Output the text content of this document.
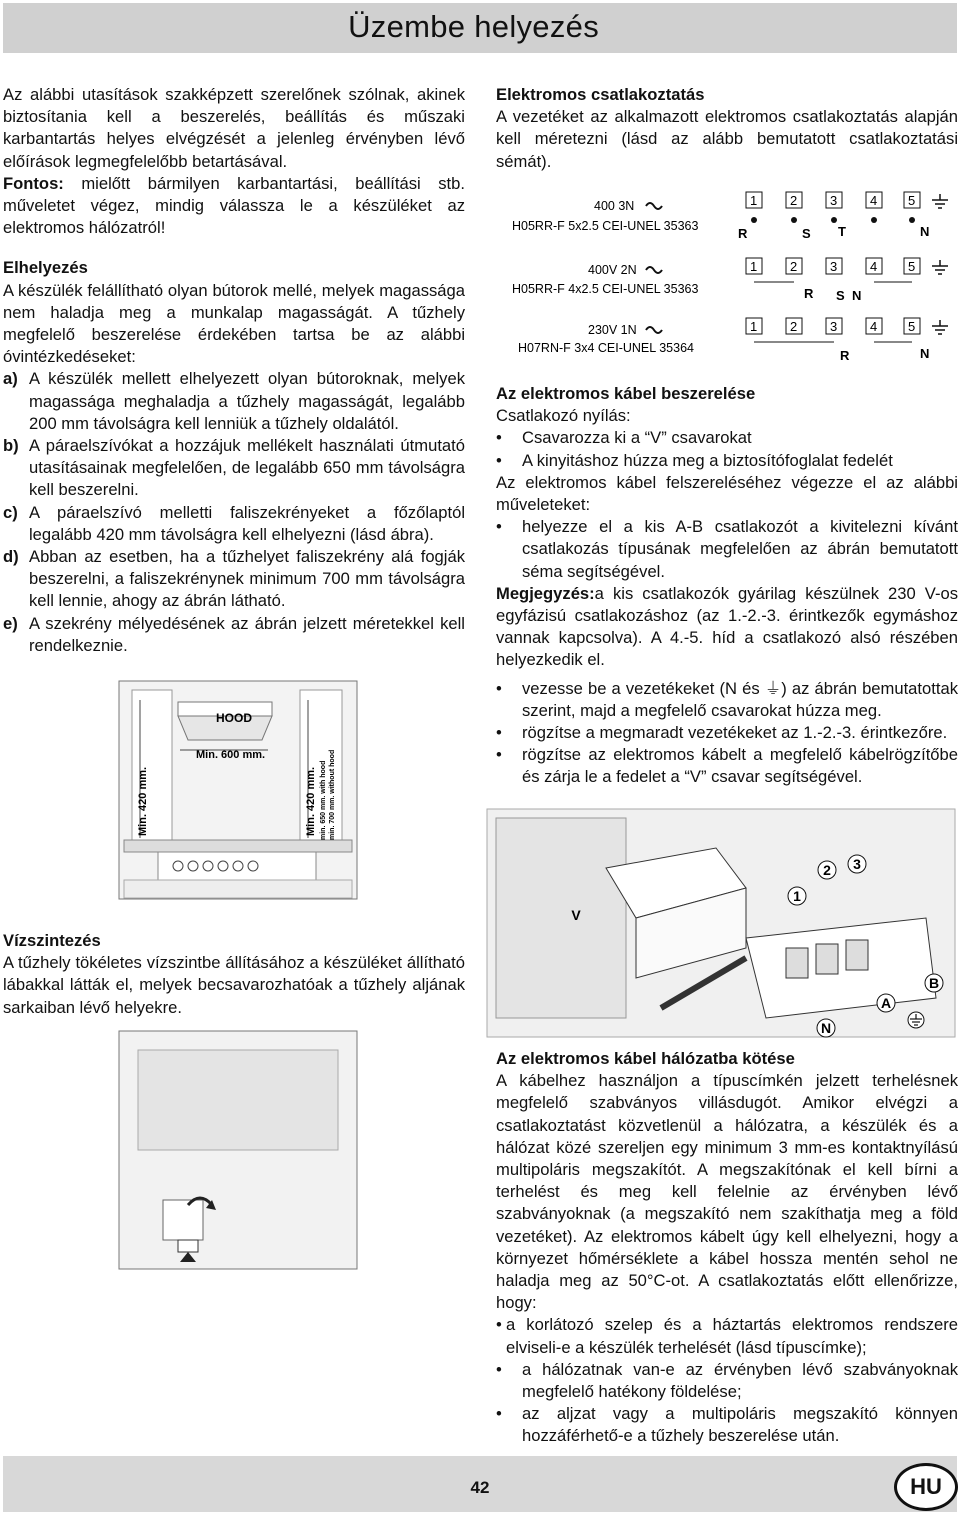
Üzembe helyezés

Az alábbi utasítások szakképzett szerelőnek szólnak, akinek biztosítania kell a beszerelés, beállítás és műszaki karbantartás helyes elvégzését a jelenleg érvényben lévő előírások legmegfelelőbb betartásával.

Fontos: mielőtt bármilyen karbantartási, beállítási stb. műveletet végez, mindig válassza le a készüléket az elektromos hálózatról!

Elhelyezés

A készülék felállítható olyan bútorok mellé, melyek magassága nem haladja meg a munkalap magasságát. A tűzhely megfelelő beszerelése érdekében tartsa be az alábbi óvintézkedéseket:

a) A készülék mellett elhelyezett olyan bútoroknak, melyek magassága meghaladja a tűzhely magasságát, legalább 200 mm távolságra kell lenniük a tűzhely oldalától.
b) A páraelszívókat a hozzájuk mellékelt használati útmutató utasításainak megfelelően, de legalább 650 mm távolságra kell beszerelni.
c) A páraelszívó melletti faliszekrényeket a főzőlaptól legalább 420 mm távolságra kell elhelyezni (lásd ábra).
d) Abban az esetben, ha a tűzhelyet faliszekrény alá fogják beszerelni, a faliszekrénynek minimum 700 mm távolságra kell lennie, ahogy az ábrán látható.
e) A szekrény mélyedésének az ábrán jelzett méretekkel kell rendelkeznie.
HOOD
Min. 600 mm.
Min. 420 mm.	Min. 420 mm. min. 650 mm. with hood min. 700 mm. without hood

Vízszintezés

A tűzhely tökéletes vízszintbe állításához a készüléket állítható lábakkal látták el, melyek becsavarozhatóak a tűzhely aljának sarkaiban lévő helyekre.

Elektromos csatlakoztatás

A vezetéket az alkalmazott elektromos csatlakoztatás alapján kell méretezni (lásd az alább bemutatott csatlakoztatási sémát).

400 3N
H05RR-F 5x2.5 CEI-UNEL 35363
400V 2N
H05RR-F 4x2.5 CEI-UNEL 35363
230V 1N
H07RN-F 3x4 CEI-UNEL 35364
1	2	3	4 5
R	S T	N
1	2	3	4 5
R S N
1	2	3	4 5
R	N

Az elektromos kábel beszerelése

Csatlakozó nyílás:

•	Csavarozza ki a “V” csavarokat
•	A kinyitáshoz húzza meg a biztosítófoglalat fedelét

Az elektromos kábel felszereléséhez végezze el az alábbi műveleteket:

•	helyezze el a kis A-B csatlakozót a kivitelezni kívánt csatlakozás típusának megfelelően az ábrán bemutatott séma segítségével.

Megjegyzés:a kis csatlakozók gyárilag készülnek 230 V-os egyfázisú csatlakozáshoz (az 1.-2.-3. érintkezők egymáshoz vannak kapcsolva). A 4.-5. híd a csatlakozó alsó részében helyezkedik el.

•	vezesse be a vezetékeket (N és ⏚) az ábrán bemutatottak szerint, majd a megfelelő csavarokat húzza meg.
•	rögzítse a megmaradt vezetékeket az 1.-2.-3. érintkezőre.
•	rögzítse az elektromos kábelt a megfelelő kábelrögzítőbe és zárja le a fedelet a “V” csavar segítségével.
V
1
2 3
N
A
B

Az elektromos kábel hálózatba kötése

A kábelhez használjon a típuscímkén jelzett terhelésnek megfelelő szabványos villásdugót. Amikor elvégzi a csatlakoztatást közvetlenül a hálózatra, a készülék és a hálózat közé szereljen egy minimum 3 mm-es kontaktnyílású multipoláris megszakítót. A megszakítónak el kell bírni a terhelést és meg kell felelnie az érvényben lévő szabványoknak (a megszakító nem szakíthatja meg a föld vezetéket). Az elektromos kábelt úgy kell elhelyezni, hogy a környezet hőmérséklete a kábel hossza mentén sehol ne haladja meg az 50°C-ot. A csatlakoztatás előtt ellenőrizze, hogy:

• a korlátozó szelep és a háztartás elektromos rendszere elviseli-e a készülék terhelését (lásd típuscímke);
•	a hálózatnak van-e az érvényben lévő szabványoknak megfelelő hatékony földelése;
•	az aljzat vagy a multipoláris megszakító könnyen hozzáférhető-e a tűzhely beszerelése után.
42	HU
